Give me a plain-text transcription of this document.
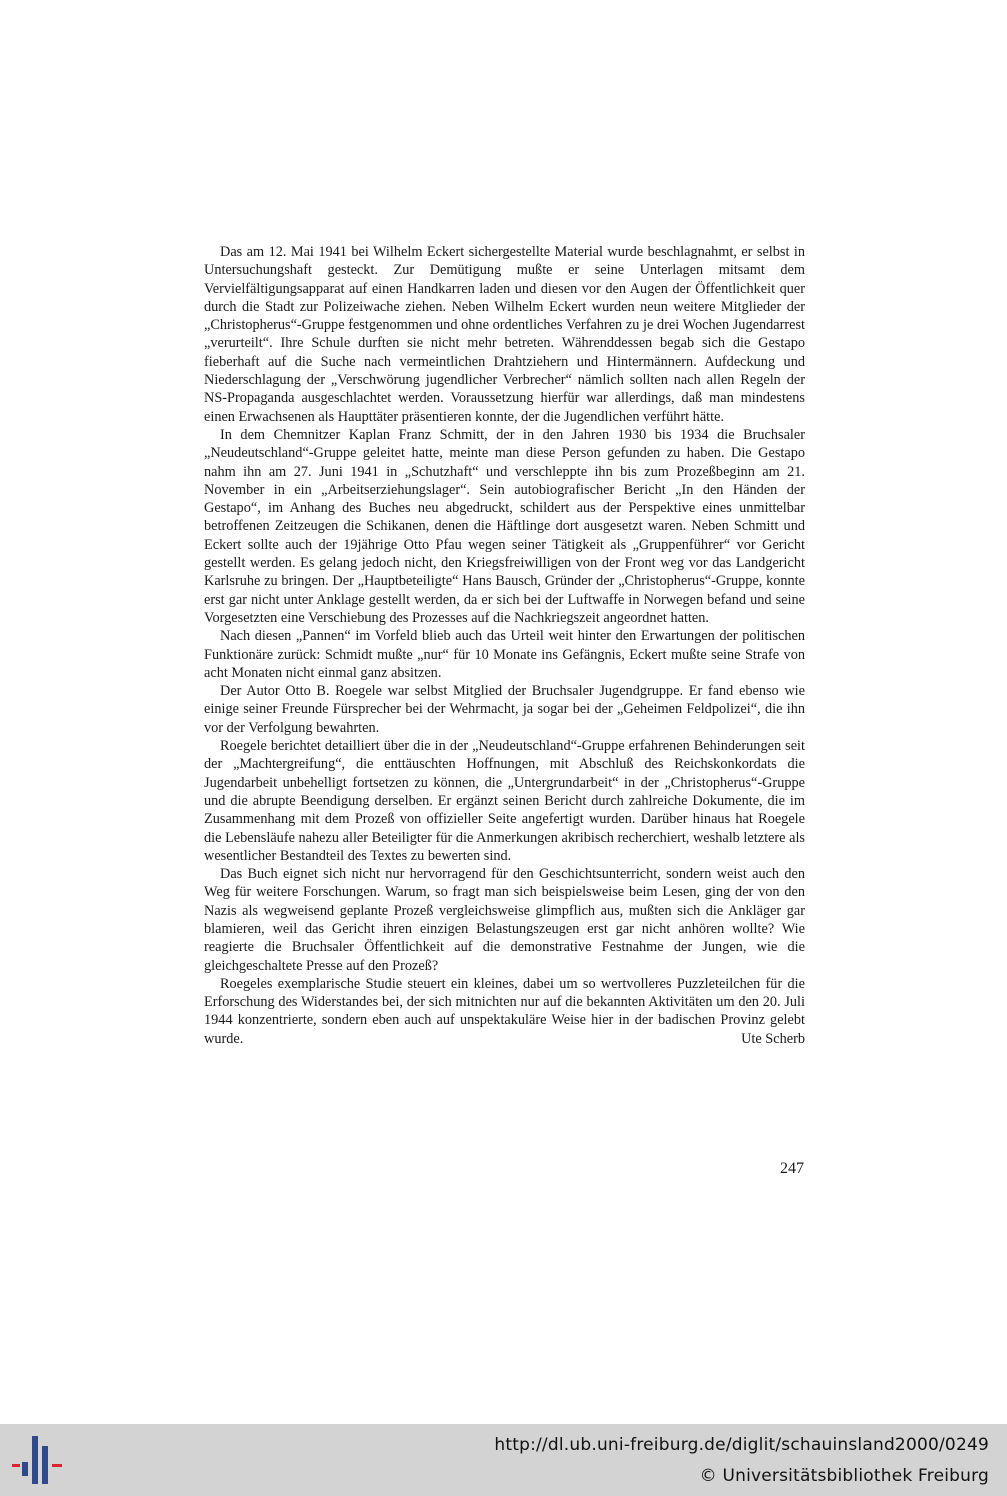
Das am 12. Mai 1941 bei Wilhelm Eckert sichergestellte Material wurde beschlagnahmt, er selbst in Untersuchungshaft gesteckt. Zur Demütigung mußte er seine Unterlagen mitsamt dem Vervielfältigungsapparat auf einen Handkarren laden und diesen vor den Augen der Öffentlichkeit quer durch die Stadt zur Polizeiwache ziehen. Neben Wilhelm Eckert wurden neun weitere Mitglieder der „Christopherus“-Gruppe festgenommen und ohne ordentliches Verfahren zu je drei Wochen Jugendarrest „verurteilt“. Ihre Schule durften sie nicht mehr betreten. Währenddessen begab sich die Gestapo fieberhaft auf die Suche nach vermeintlichen Drahtziehern und Hintermännern. Aufdeckung und Niederschlagung der „Verschwörung jugendlicher Verbrecher“ nämlich sollten nach allen Regeln der NS-Propaganda ausgeschlachtet werden. Voraussetzung hierfür war allerdings, daß man mindestens einen Erwachsenen als Haupttäter präsentieren konnte, der die Jugendlichen verführt hätte.

In dem Chemnitzer Kaplan Franz Schmitt, der in den Jahren 1930 bis 1934 die Bruchsaler „Neudeutschland“-Gruppe geleitet hatte, meinte man diese Person gefunden zu haben. Die Gestapo nahm ihn am 27. Juni 1941 in „Schutzhaft“ und verschleppte ihn bis zum Prozeßbeginn am 21. November in ein „Arbeitserziehungslager“. Sein autobiografischer Bericht „In den Händen der Gestapo“, im Anhang des Buches neu abgedruckt, schildert aus der Perspektive eines unmittelbar betroffenen Zeitzeugen die Schikanen, denen die Häftlinge dort ausgesetzt waren. Neben Schmitt und Eckert sollte auch der 19jährige Otto Pfau wegen seiner Tätigkeit als „Gruppenführer“ vor Gericht gestellt werden. Es gelang jedoch nicht, den Kriegsfreiwilligen von der Front weg vor das Landgericht Karlsruhe zu bringen. Der „Hauptbeteiligte“ Hans Bausch, Gründer der „Christopherus“-Gruppe, konnte erst gar nicht unter Anklage gestellt werden, da er sich bei der Luftwaffe in Norwegen befand und seine Vorgesetzten eine Verschiebung des Prozesses auf die Nachkriegszeit angeordnet hatten.

Nach diesen „Pannen“ im Vorfeld blieb auch das Urteil weit hinter den Erwartungen der politischen Funktionäre zurück: Schmidt mußte „nur“ für 10 Monate ins Gefängnis, Eckert mußte seine Strafe von acht Monaten nicht einmal ganz absitzen.

Der Autor Otto B. Roegele war selbst Mitglied der Bruchsaler Jugendgruppe. Er fand ebenso wie einige seiner Freunde Fürsprecher bei der Wehrmacht, ja sogar bei der „Geheimen Feldpolizei“, die ihn vor der Verfolgung bewahrten.

Roegele berichtet detailliert über die in der „Neudeutschland“-Gruppe erfahrenen Behinderungen seit der „Machtergreifung“, die enttäuschten Hoffnungen, mit Abschluß des Reichskonkordats die Jugendarbeit unbehelligt fortsetzen zu können, die „Untergrundarbeit“ in der „Christopherus“-Gruppe und die abrupte Beendigung derselben. Er ergänzt seinen Bericht durch zahlreiche Dokumente, die im Zusammenhang mit dem Prozeß von offizieller Seite angefertigt wurden. Darüber hinaus hat Roegele die Lebensläufe nahezu aller Beteiligter für die Anmerkungen akribisch recherchiert, weshalb letztere als wesentlicher Bestandteil des Textes zu bewerten sind.

Das Buch eignet sich nicht nur hervorragend für den Geschichtsunterricht, sondern weist auch den Weg für weitere Forschungen. Warum, so fragt man sich beispielsweise beim Lesen, ging der von den Nazis als wegweisend geplante Prozeß vergleichsweise glimpflich aus, mußten sich die Ankläger gar blamieren, weil das Gericht ihren einzigen Belastungszeugen erst gar nicht anhören wollte? Wie reagierte die Bruchsaler Öffentlichkeit auf die demonstrative Festnahme der Jungen, wie die gleichgeschaltete Presse auf den Prozeß?

Roegeles exemplarische Studie steuert ein kleines, dabei um so wertvolleres Puzzleteilchen für die Erforschung des Widerstandes bei, der sich mitnichten nur auf die bekannten Aktivitäten um den 20. Juli 1944 konzentrierte, sondern eben auch auf unspektakuläre Weise hier in der badischen Provinz gelebt wurde.	Ute Scherb

247
http://dl.ub.uni-freiburg.de/diglit/schauinsland2000/0249
© Universitätsbibliothek Freiburg
